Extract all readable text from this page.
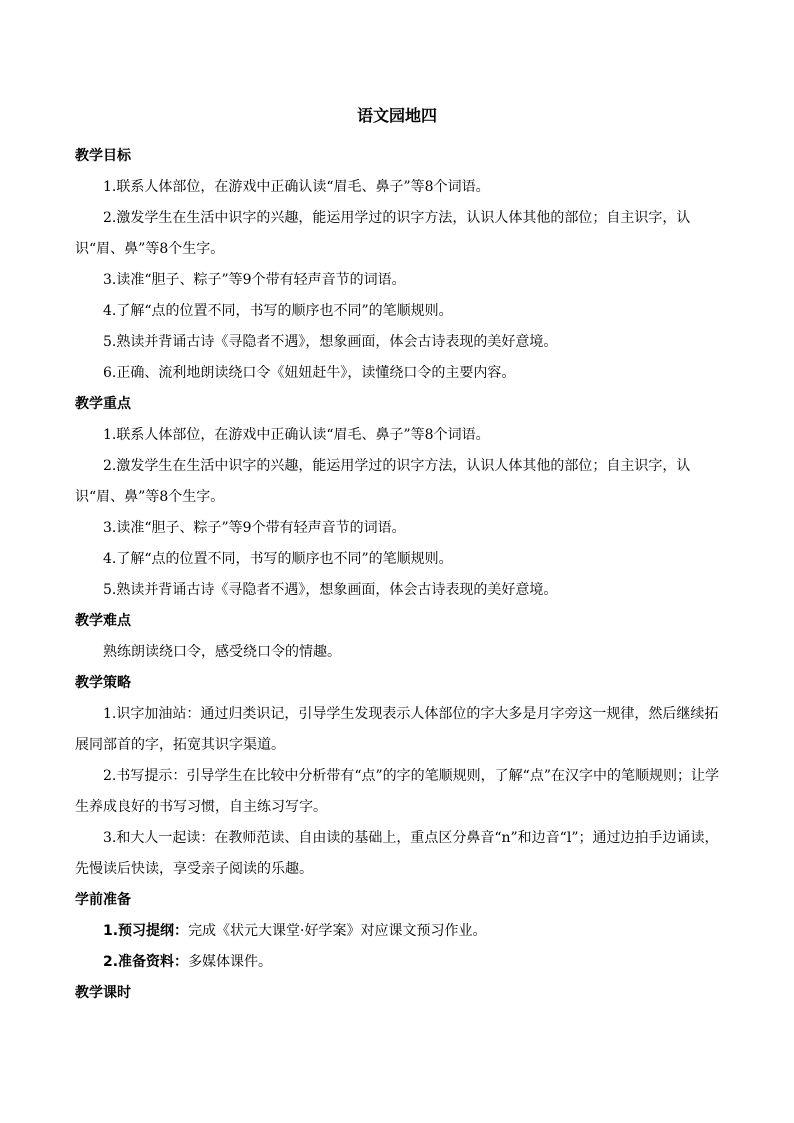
语文园地四
教学目标

1.联系人体部位，在游戏中正确认读“眉毛、鼻子”等8个词语。

2.激发学生在生活中识字的兴趣，能运用学过的识字方法，认识人体其他的部位；自主识字，认识“眉、鼻”等8个生字。

3.读准“胆子、粽子”等9个带有轻声音节的词语。

4.了解“点的位置不同，书写的顺序也不同”的笔顺规则。

5.熟读并背诵古诗《寻隐者不遇》，想象画面，体会古诗表现的美好意境。

6.正确、流利地朗读绕口令《妞妞赶牛》，读懂绕口令的主要内容。

教学重点

1.联系人体部位，在游戏中正确认读“眉毛、鼻子”等8个词语。

2.激发学生在生活中识字的兴趣，能运用学过的识字方法，认识人体其他的部位；自主识字，认识“眉、鼻”等8个生字。

3.读准“胆子、粽子”等9个带有轻声音节的词语。

4.了解“点的位置不同，书写的顺序也不同”的笔顺规则。

5.熟读并背诵古诗《寻隐者不遇》，想象画面，体会古诗表现的美好意境。

教学难点

熟练朗读绕口令，感受绕口令的情趣。

教学策略

1.识字加油站：通过归类识记，引导学生发现表示人体部位的字大多是月字旁这一规律，然后继续拓展同部首的字，拓宽其识字渠道。

2.书写提示：引导学生在比较中分析带有“点”的字的笔顺规则，了解“点”在汉字中的笔顺规则；让学生养成良好的书写习惯，自主练习写字。

3.和大人一起读：在教师范读、自由读的基础上，重点区分鼻音“n”和边音“l”；通过边拍手边诵读，先慢读后快读，享受亲子阅读的乐趣。

学前准备

1.预习提纲：完成《状元大课堂·好学案》对应课文预习作业。

2.准备资料：多媒体课件。

教学课时
